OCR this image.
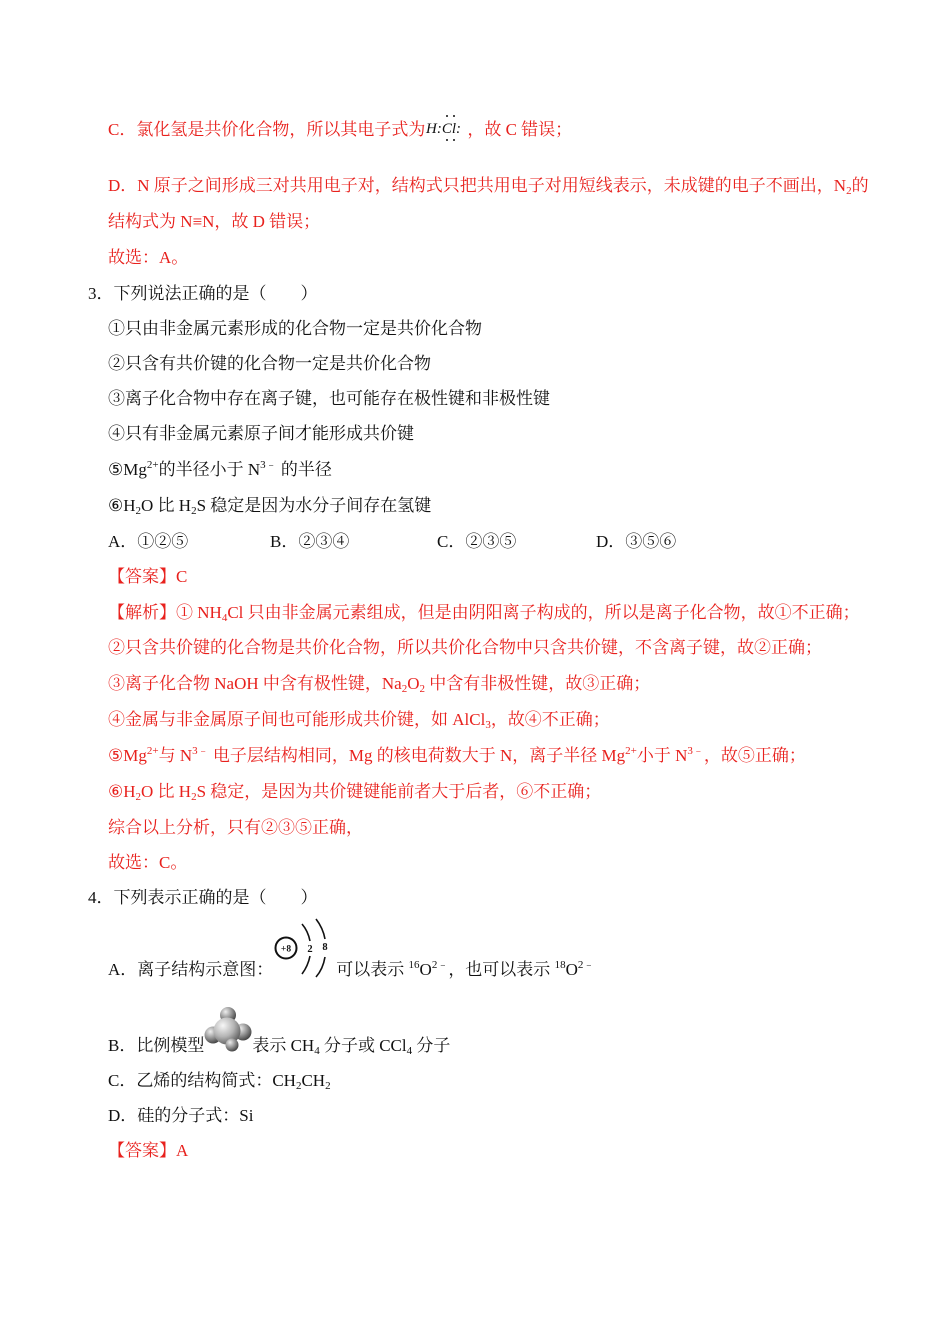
C．氯化氢是共价化合物，所以其电子式为 H:Cl: ，故 C 错误；
D．N 原子之间形成三对共用电子对，结构式只把共用电子对用短线表示，未成键的电子不画出，$N_2$的
结构式为 N≡N，故 D 错误；
故选：A。
3．下列说法正确的是（　　）
①只由非金属元素形成的化合物一定是共价化合物
②只含有共价键的化合物一定是共价化合物
③离子化合物中存在离子键，也可能存在极性键和非极性键
④只有非金属元素原子间才能形成共价键
$⑤Mg^{2+}$的半径小于 $N^{3﹣}$ 的半径
$⑥H_2O$ 比 $H_2S$ 稳定是因为水分子间存在氢键
A．①②⑤	B．②③④	C．②③⑤	D．③⑤⑥
【答案】C
【解析】① $NH_4Cl$ 只由非金属元素组成，但是由阴阳离子构成的，所以是离子化合物，故①不正确；
②只含共价键的化合物是共价化合物，所以共价化合物中只含共价键，不含离子键，故②正确；
③离子化合物 NaOH 中含有极性键，$Na_2O_2$ 中含有非极性键，故③正确；
④金属与非金属原子间也可能形成共价键，如 AlCl$_3$，故④不正确；
$⑤Mg^{2+}$与 $N^{3﹣}$ 电子层结构相同，Mg 的核电荷数大于 N，离子半径 $Mg^{2+}$小于 $N^{3﹣}$，故⑤正确；
$⑥H_2O$ 比 $H_2S$ 稳定，是因为共价键键能前者大于后者，⑥不正确；
综合以上分析，只有②③⑤正确，
故选：C。
4．下列表示正确的是（　　）
A．离子结构示意图：
+8 2 8
可以表示 $^{16}O^{2﹣}$，也可以表示 $^{18}O^{2﹣}$
B．比例模型	表示 $CH_4$ 分子或 CCl$_4$ 分子
C．乙烯的结构简式：$CH_2CH_2$
D．硅的分子式：Si
【答案】A
